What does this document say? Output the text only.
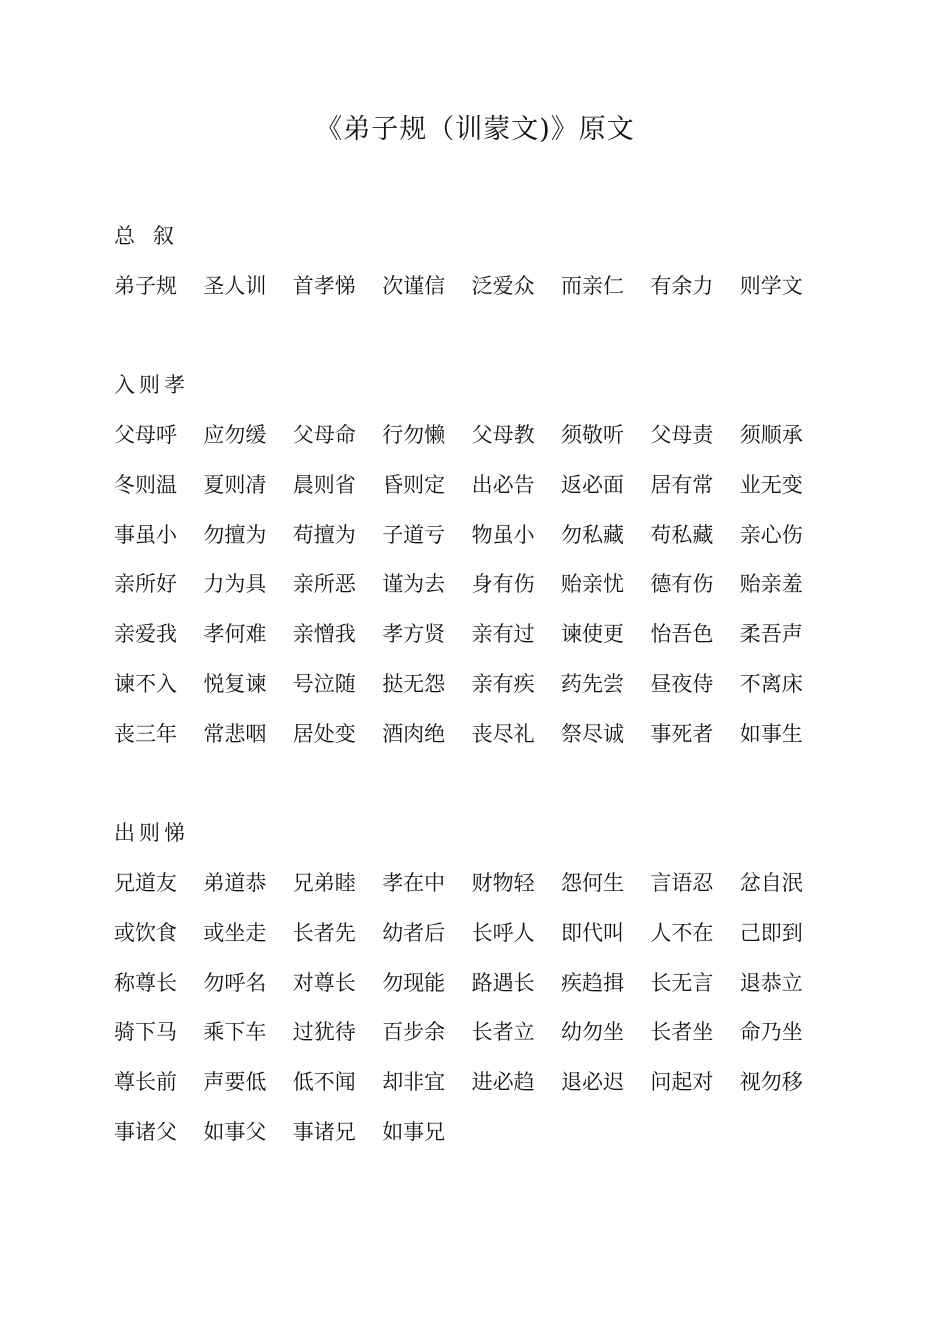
《弟子规（训蒙文)》原文
总叙
弟子规 圣人训 首孝悌 次谨信 泛爱众 而亲仁 有余力 则学文
入则孝
父母呼 应勿缓 父母命 行勿懒 父母教 须敬听 父母责 须顺承
冬则温 夏则凊 晨则省 昏则定 出必告 返必面 居有常 业无变
事虽小 勿擅为 苟擅为 子道亏 物虽小 勿私藏 苟私藏 亲心伤
亲所好 力为具 亲所恶 谨为去 身有伤 贻亲忧 德有伤 贻亲羞
亲爱我 孝何难 亲憎我 孝方贤 亲有过 谏使更 怡吾色 柔吾声
谏不入 悦复谏 号泣随 挞无怨 亲有疾 药先尝 昼夜侍 不离床
丧三年 常悲咽 居处变 酒肉绝 丧尽礼 祭尽诚 事死者 如事生
出则悌
兄道友 弟道恭 兄弟睦 孝在中 财物轻 怨何生 言语忍 忿自泯
或饮食 或坐走 长者先 幼者后 长呼人 即代叫 人不在 己即到
称尊长 勿呼名 对尊长 勿现能 路遇长 疾趋揖 长无言 退恭立
骑下马 乘下车 过犹待 百步余 长者立 幼勿坐 长者坐 命乃坐
尊长前 声要低 低不闻 却非宜 进必趋 退必迟 问起对 视勿移
事诸父 如事父 事诸兄 如事兄
